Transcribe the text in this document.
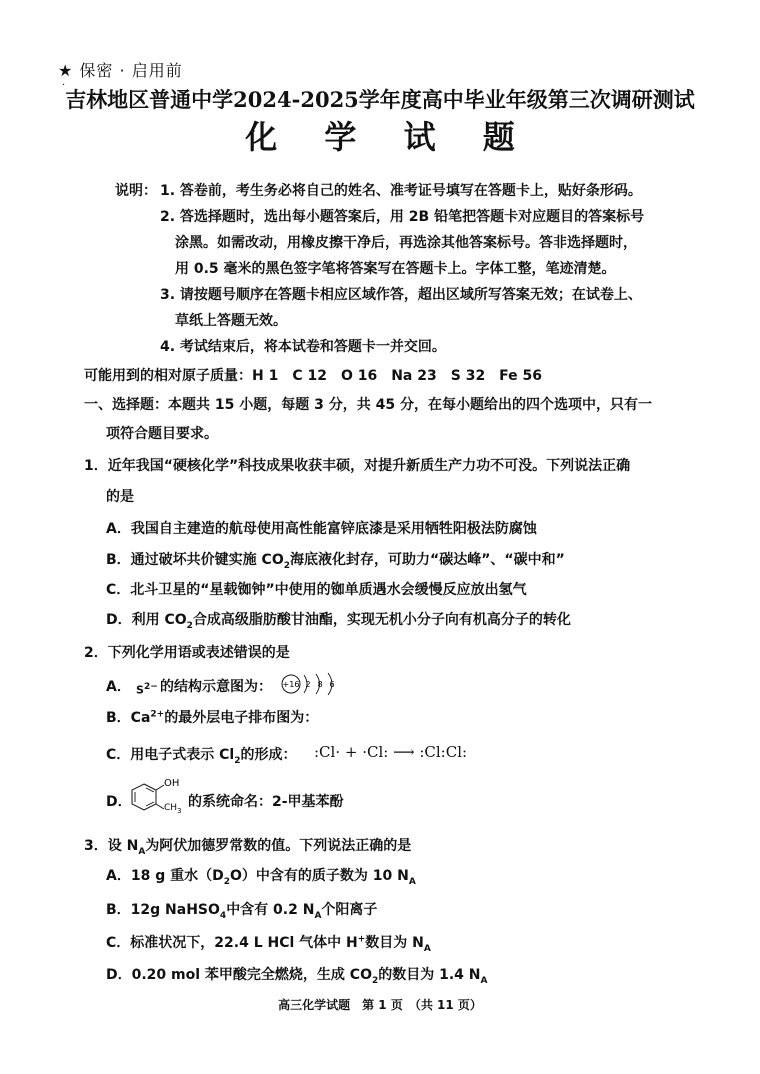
★ 保密 · 启用前
·
吉林地区普通中学2024-2025学年度高中毕业年级第三次调研测试
化 学 试 题
说明： 1. 答卷前，考生务必将自己的姓名、准考证号填写在答题卡上，贴好条形码。
2. 答选择题时，选出每小题答案后，用 2B 铅笔把答题卡对应题目的答案标号
涂黑。如需改动，用橡皮擦干净后，再选涂其他答案标号。答非选择题时，
用 0.5 毫米的黑色签字笔将答案写在答题卡上。字体工整，笔迹清楚。
3. 请按题号顺序在答题卡相应区域作答，超出区域所写答案无效；在试卷上、
草纸上答题无效。
4. 考试结束后，将本试卷和答题卡一并交回。
可能用到的相对原子质量：H 1　C 12　O 16　Na 23　S 32　Fe 56
一、选择题：本题共 15 小题，每题 3 分，共 45 分，在每小题给出的四个选项中，只有一
项符合题目要求。
1．近年我国“硬核化学”科技成果收获丰硕，对提升新质生产力功不可没。下列说法正确
的是
A．我国自主建造的航母使用高性能富锌底漆是采用牺牲阳极法防腐蚀
B．通过破坏共价键实施 $CO_2$海底液化封存，可助力“碳达峰”、“碳中和”
C．北斗卫星的“星载铷钟”中使用的铷单质遇水会缓慢反应放出氢气
D．利用 $CO_2$合成高级脂肪酸甘油酯，实现无机小分子向有机高分子的转化
2．下列化学用语或表述错误的是
A． $S^{2-}$ 的结构示意图为： +16 2 8 6
B．$Ca^{2+}$的最外层电子排布图为：
C．用电子式表示 $Cl_2$的形成： :Cl· + ·Cl: ⟶ :Cl:Cl:
D．
OH
$CH_3$
的系统命名：2-甲基苯酚
3．设 $N_A$为阿伏加德罗常数的值。下列说法正确的是
A．18 g 重水$(D_2O)$中含有的质子数为 10 $N_A$
B．12g NaHSO$_4$中含有 0.2 $N_A$个阳离子
C．标准状况下，22.4 L HCl 气体中 H+数目为 $N_A$
D．0.20 mol 苯甲酸完全燃烧，生成 $CO_2$的数目为 1.4 $N_A$
高三化学试题　第 1 页　（共 11 页）
